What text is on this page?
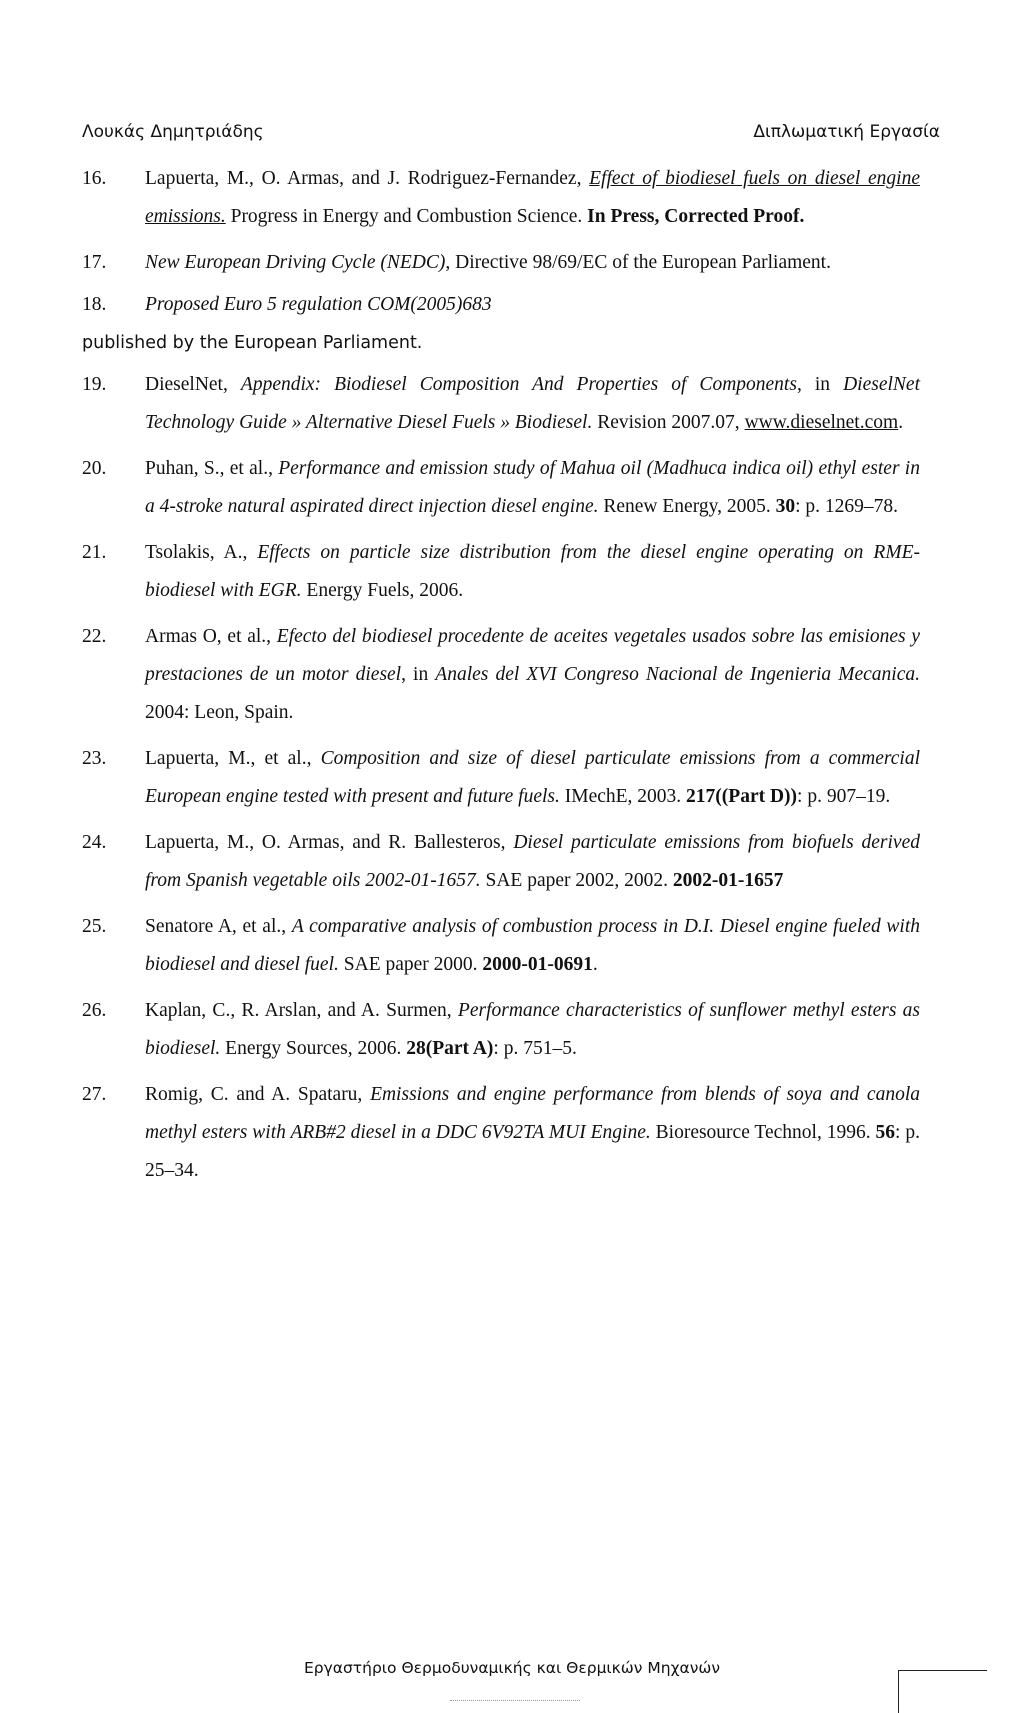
Λουκάς Δημητριάδης	Διπλωματική Εργασία
16. Lapuerta, M., O. Armas, and J. Rodriguez-Fernandez, Effect of biodiesel fuels on diesel engine emissions. Progress in Energy and Combustion Science. In Press, Corrected Proof.
17. New European Driving Cycle (NEDC), Directive 98/69/EC of the European Parliament.
18. Proposed Euro 5 regulation COM(2005)683
published by the European Parliament.
19. DieselNet, Appendix: Biodiesel Composition And Properties of Components, in DieselNet Technology Guide » Alternative Diesel Fuels » Biodiesel. Revision 2007.07, www.dieselnet.com.
20. Puhan, S., et al., Performance and emission study of Mahua oil (Madhuca indica oil) ethyl ester in a 4-stroke natural aspirated direct injection diesel engine. Renew Energy, 2005. 30: p. 1269–78.
21. Tsolakis, A., Effects on particle size distribution from the diesel engine operating on RME-biodiesel with EGR. Energy Fuels, 2006.
22. Armas O, et al., Efecto del biodiesel procedente de aceites vegetales usados sobre las emisiones y prestaciones de un motor diesel, in Anales del XVI Congreso Nacional de Ingenieria Mecanica. 2004: Leon, Spain.
23. Lapuerta, M., et al., Composition and size of diesel particulate emissions from a commercial European engine tested with present and future fuels. IMechE, 2003. 217((Part D)): p. 907–19.
24. Lapuerta, M., O. Armas, and R. Ballesteros, Diesel particulate emissions from biofuels derived from Spanish vegetable oils 2002-01-1657. SAE paper 2002, 2002. 2002-01-1657
25. Senatore A, et al., A comparative analysis of combustion process in D.I. Diesel engine fueled with biodiesel and diesel fuel. SAE paper 2000. 2000-01-0691.
26. Kaplan, C., R. Arslan, and A. Surmen, Performance characteristics of sunflower methyl esters as biodiesel. Energy Sources, 2006. 28(Part A): p. 751–5.
27. Romig, C. and A. Spataru, Emissions and engine performance from blends of soya and canola methyl esters with ARB#2 diesel in a DDC 6V92TA MUI Engine. Bioresource Technol, 1996. 56: p. 25–34.
Εργαστήριο Θερμοδυναμικής και Θερμικών Μηχανών
